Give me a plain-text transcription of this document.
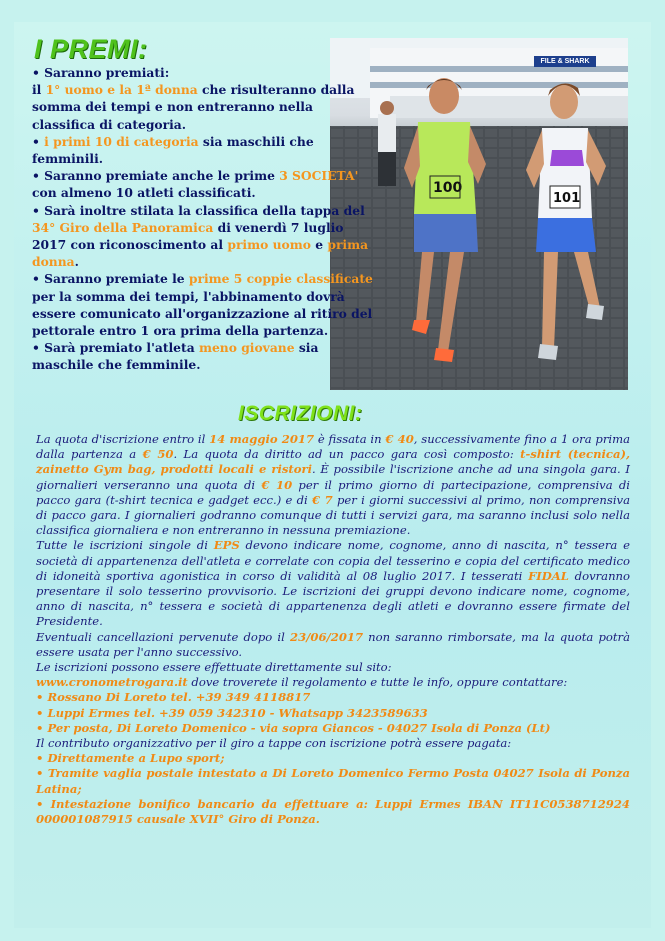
I PREMI:
100
101
FILE & SHARK
• Saranno premiati:
il 1° uomo e la 1ª donna che risulteranno dalla somma dei tempi e non entreranno nella classifica di categoria.
• i primi 10 di categoria sia maschili che femminili.
• Saranno premiate anche le prime 3 SOCIETA' con almeno 10 atleti classificati.
• Sarà inoltre stilata la classifica della tappa del 34° Giro della Panoramica di venerdì 7 luglio 2017 con riconoscimento al primo uomo e prima donna.
• Saranno premiate le prime 5 coppie classificate per la somma dei tempi, l'abbinamento dovrà essere comunicato all'organizzazione al ritiro del pettorale entro 1 ora prima della partenza.
• Sarà premiato l'atleta meno giovane sia maschile che femminile.
ISCRIZIONI:

La quota d'iscrizione entro il 14 maggio 2017 è fissata in € 40, successivamente fino a 1 ora prima dalla partenza a € 50. La quota da diritto ad un pacco gara così composto: t-shirt (tecnica), zainetto Gym bag, prodotti locali e ristori. È possibile l'iscrizione anche ad una singola gara. I giornalieri verseranno una quota di € 10 per il primo giorno di partecipazione, comprensiva di pacco gara (t-shirt tecnica e gadget ecc.) e di € 7 per i giorni successivi al primo, non comprensiva di pacco gara. I giornalieri godranno comunque di tutti i servizi gara, ma saranno inclusi solo nella classifica giornaliera e non entreranno in nessuna premiazione.

Tutte le iscrizioni singole di EPS devono indicare nome, cognome, anno di nascita, n° tessera e società di appartenenza dell'atleta e correlate con copia del tesserino e copia del certificato medico di idoneità sportiva agonistica in corso di validità al 08 luglio 2017. I tesserati FIDAL dovranno presentare il solo tesserino provvisorio. Le iscrizioni dei gruppi devono indicare nome, cognome, anno di nascita, n° tessera e società di appartenenza degli atleti e dovranno essere firmate del Presidente.

Eventuali cancellazioni pervenute dopo il 23/06/2017 non saranno rimborsate, ma la quota potrà essere usata per l'anno successivo.

Le iscrizioni possono essere effettuate direttamente sul sito:

www.cronometrogara.it dove troverete il regolamento e tutte le info, oppure contattare:

• Rossano Di Loreto tel. +39 349 4118817

• Luppi Ermes tel. +39 059 342310 - Whatsapp 3423589633

• Per posta, Di Loreto Domenico - via sopra Giancos - 04027 Isola di Ponza (Lt)

Il contributo organizzativo per il giro a tappe con iscrizione potrà essere pagata:

• Direttamente a Lupo sport;

• Tramite vaglia postale intestato a Di Loreto Domenico Fermo Posta 04027 Isola di Ponza Latina;

• Intestazione bonifico bancario da effettuare a: Luppi Ermes IBAN IT11C0538712924 000001087915 causale XVII° Giro di Ponza.
